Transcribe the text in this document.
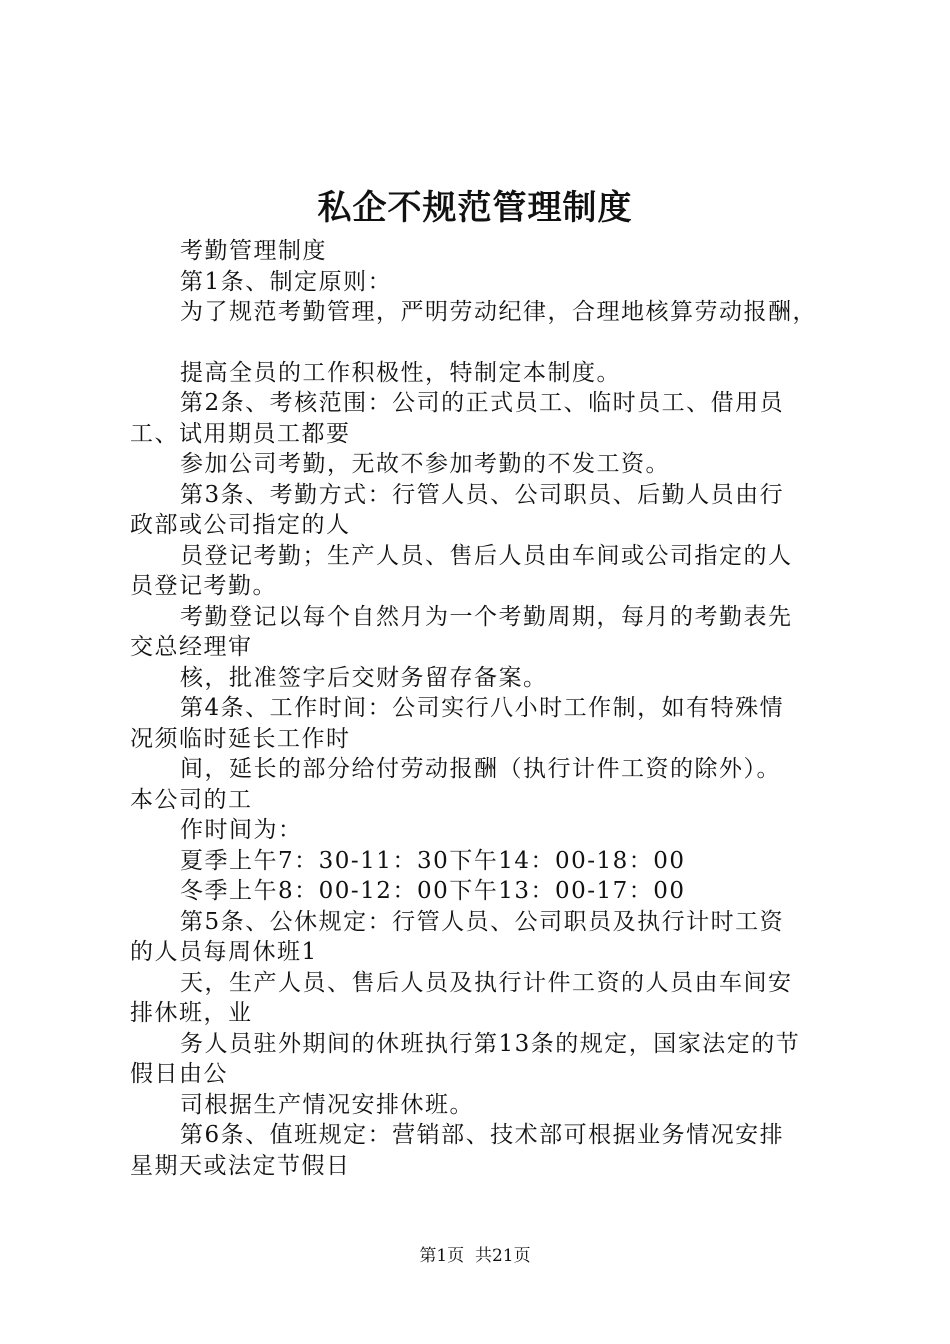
私企不规范管理制度
考勤管理制度
第1条、制定原则：
为了规范考勤管理，严明劳动纪律，合理地核算劳动报酬，
提高全员的工作积极性，特制定本制度。
第2条、考核范围：公司的正式员工、临时员工、借用员
工、试用期员工都要
参加公司考勤，无故不参加考勤的不发工资。
第3条、考勤方式：行管人员、公司职员、后勤人员由行
政部或公司指定的人
员登记考勤；生产人员、售后人员由车间或公司指定的人
员登记考勤。
考勤登记以每个自然月为一个考勤周期，每月的考勤表先
交总经理审
核，批准签字后交财务留存备案。
第4条、工作时间：公司实行八小时工作制，如有特殊情
况须临时延长工作时
间，延长的部分给付劳动报酬（执行计件工资的除外）。
本公司的工
作时间为：
夏季上午7：30-11：30下午14：00-18：00
冬季上午8：00-12：00下午13：00-17：00
第5条、公休规定：行管人员、公司职员及执行计时工资
的人员每周休班1
天，生产人员、售后人员及执行计件工资的人员由车间安
排休班，业
务人员驻外期间的休班执行第13条的规定，国家法定的节
假日由公
司根据生产情况安排休班。
第6条、值班规定：营销部、技术部可根据业务情况安排
星期天或法定节假日
第1页  共21页
